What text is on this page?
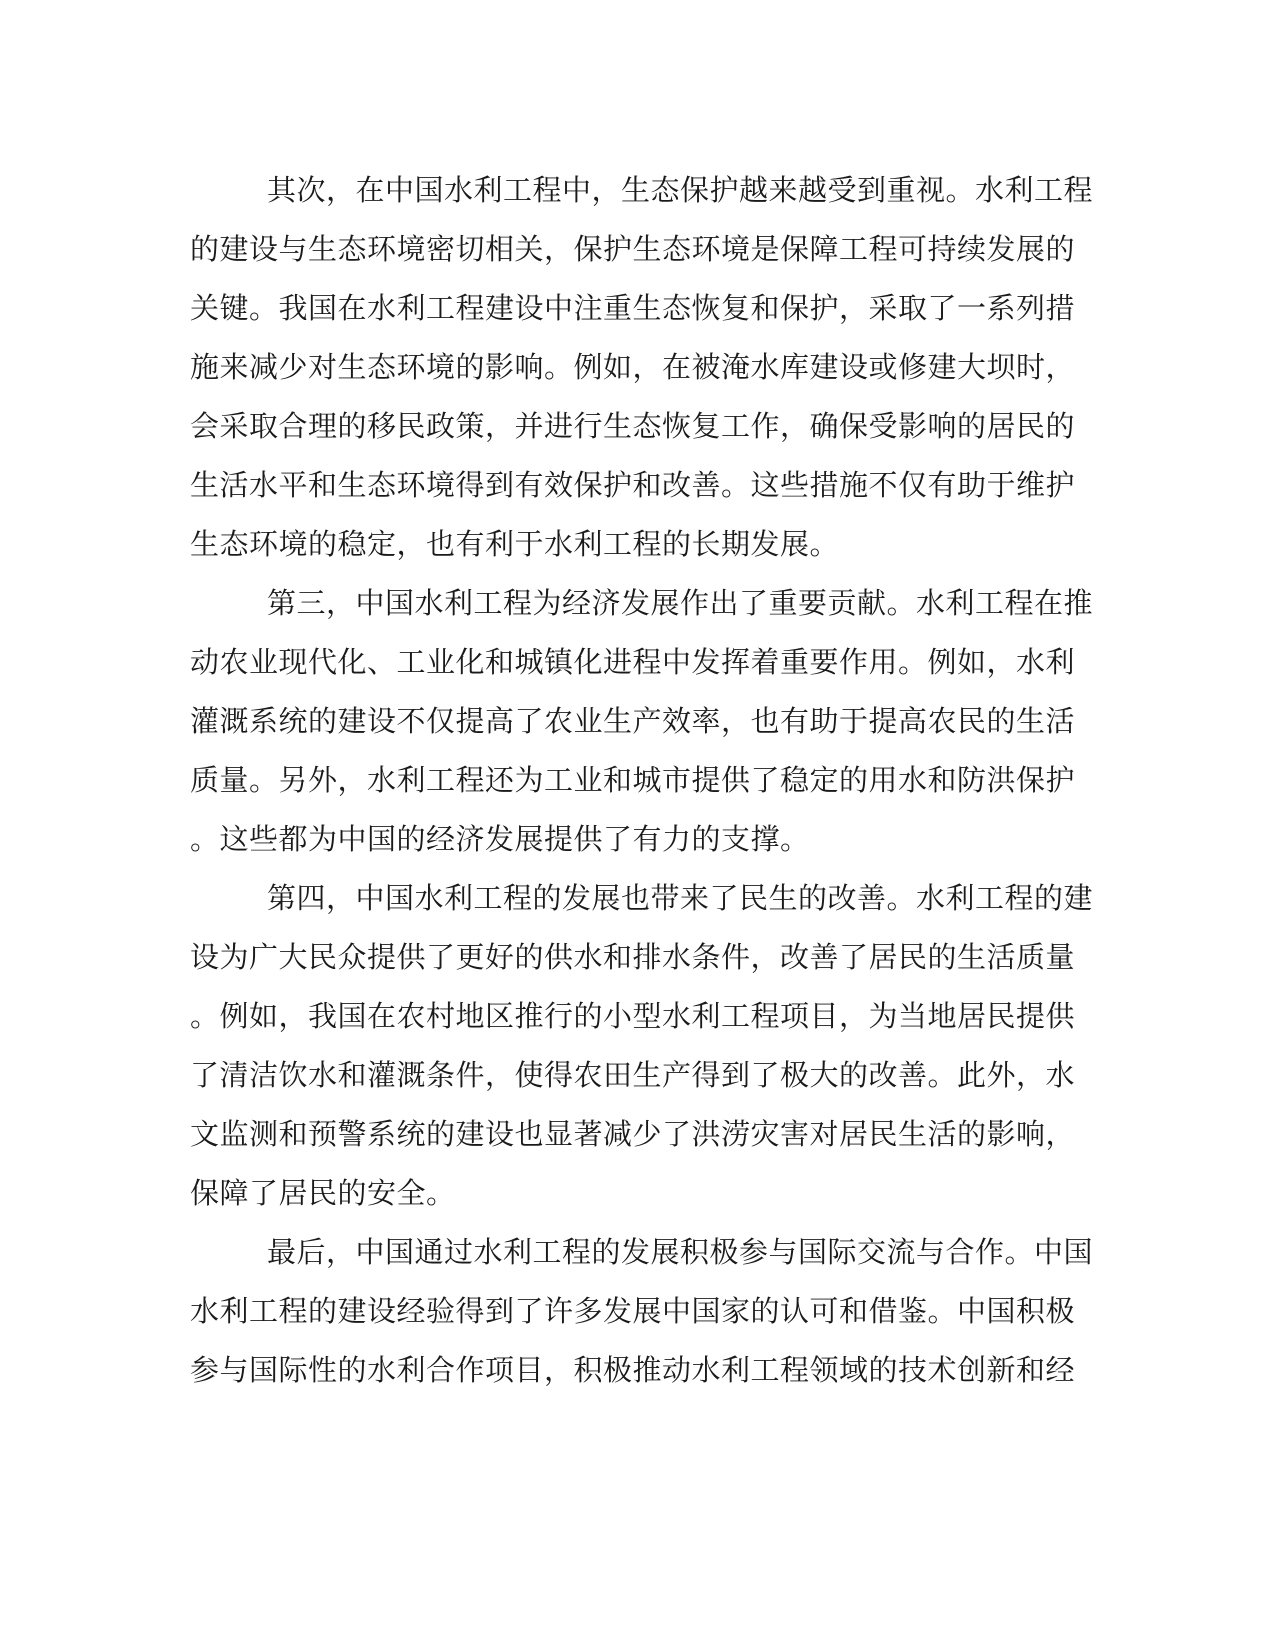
其次，在中国水利工程中，生态保护越来越受到重视。水利工程
的建设与生态环境密切相关，保护生态环境是保障工程可持续发展的
关键。我国在水利工程建设中注重生态恢复和保护，采取了一系列措
施来减少对生态环境的影响。例如，在被淹水库建设或修建大坝时，
会采取合理的移民政策，并进行生态恢复工作，确保受影响的居民的
生活水平和生态环境得到有效保护和改善。这些措施不仅有助于维护
生态环境的稳定，也有利于水利工程的长期发展。
第三，中国水利工程为经济发展作出了重要贡献。水利工程在推
动农业现代化、工业化和城镇化进程中发挥着重要作用。例如，水利
灌溉系统的建设不仅提高了农业生产效率，也有助于提高农民的生活
质量。另外，水利工程还为工业和城市提供了稳定的用水和防洪保护
。这些都为中国的经济发展提供了有力的支撑。
第四，中国水利工程的发展也带来了民生的改善。水利工程的建
设为广大民众提供了更好的供水和排水条件，改善了居民的生活质量
。例如，我国在农村地区推行的小型水利工程项目，为当地居民提供
了清洁饮水和灌溉条件，使得农田生产得到了极大的改善。此外，水
文监测和预警系统的建设也显著减少了洪涝灾害对居民生活的影响，
保障了居民的安全。
最后，中国通过水利工程的发展积极参与国际交流与合作。中国
水利工程的建设经验得到了许多发展中国家的认可和借鉴。中国积极
参与国际性的水利合作项目，积极推动水利工程领域的技术创新和经
